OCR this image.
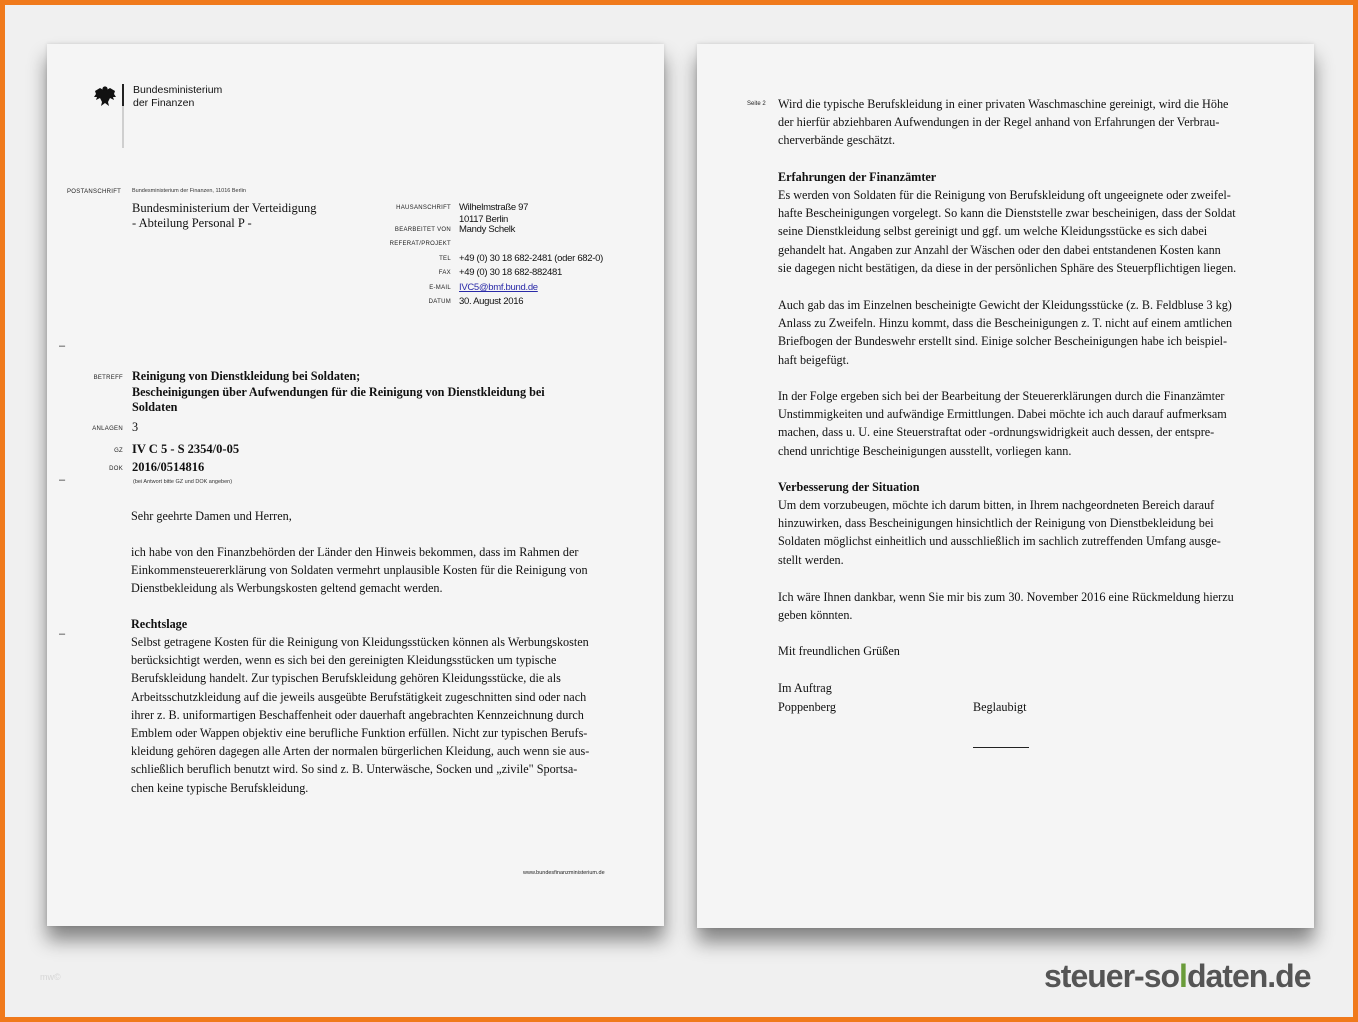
Bundesministerium
der Finanzen
POSTANSCHRIFT	Bundesministerium der Finanzen, 11016 Berlin
Bundesministerium der Verteidigung
- Abteilung Personal P -
HAUSANSCHRIFT Wilhelmstraße 97
10117 Berlin
BEARBEITET VON Mandy Schelk
REFERAT/PROJEKT
TEL +49 (0) 30 18 682-2481 (oder 682-0)
FAX +49 (0) 30 18 682-882481
E-MAIL IVC5@bmf.bund.de
DATUM 30. August 2016
–
–
–
BETREFF Reinigung von Dienstkleidung bei Soldaten;
Bescheinigungen über Aufwendungen für die Reinigung von Dienstkleidung bei
Soldaten
ANLAGEN 3
GZ IV C 5 - S 2354/0-05
DOK 2016/0514816
(bei Antwort bitte GZ und DOK angeben)
Sehr geehrte Damen und Herren,
ich habe von den Finanzbehörden der Länder den Hinweis bekommen, dass im Rahmen der
Einkommensteuererklärung von Soldaten vermehrt unplausible Kosten für die Reinigung von
Dienstbekleidung als Werbungskosten geltend gemacht werden.
Rechtslage
Selbst getragene Kosten für die Reinigung von Kleidungsstücken können als Werbungskosten
berücksichtigt werden, wenn es sich bei den gereinigten Kleidungsstücken um typische
Berufskleidung handelt. Zur typischen Berufskleidung gehören Kleidungsstücke, die als
Arbeitsschutzkleidung auf die jeweils ausgeübte Berufstätigkeit zugeschnitten sind oder nach
ihrer z. B. uniformartigen Beschaffenheit oder dauerhaft angebrachten Kennzeichnung durch
Emblem oder Wappen objektiv eine berufliche Funktion erfüllen. Nicht zur typischen Berufs-
kleidung gehören dagegen alle Arten der normalen bürgerlichen Kleidung, auch wenn sie aus-
schließlich beruflich benutzt wird. So sind z. B. Unterwäsche, Socken und „zivile" Sportsa-
chen keine typische Berufskleidung.
www.bundesfinanzministerium.de
Seite 2 Wird die typische Berufskleidung in einer privaten Waschmaschine gereinigt, wird die Höhe
der hierfür abziehbaren Aufwendungen in der Regel anhand von Erfahrungen der Verbrau-
cherverbände geschätzt.
Erfahrungen der Finanzämter
Es werden von Soldaten für die Reinigung von Berufskleidung oft ungeeignete oder zweifel-
hafte Bescheinigungen vorgelegt. So kann die Dienststelle zwar bescheinigen, dass der Soldat
seine Dienstkleidung selbst gereinigt und ggf. um welche Kleidungsstücke es sich dabei
gehandelt hat. Angaben zur Anzahl der Wäschen oder den dabei entstandenen Kosten kann
sie dagegen nicht bestätigen, da diese in der persönlichen Sphäre des Steuerpflichtigen liegen.
Auch gab das im Einzelnen bescheinigte Gewicht der Kleidungsstücke (z. B. Feldbluse 3 kg)
Anlass zu Zweifeln. Hinzu kommt, dass die Bescheinigungen z. T. nicht auf einem amtlichen
Briefbogen der Bundeswehr erstellt sind. Einige solcher Bescheinigungen habe ich beispiel-
haft beigefügt.
In der Folge ergeben sich bei der Bearbeitung der Steuererklärungen durch die Finanzämter
Unstimmigkeiten und aufwändige Ermittlungen. Dabei möchte ich auch darauf aufmerksam
machen, dass u. U. eine Steuerstraftat oder -ordnungswidrigkeit auch dessen, der entspre-
chend unrichtige Bescheinigungen ausstellt, vorliegen kann.
Verbesserung der Situation
Um dem vorzubeugen, möchte ich darum bitten, in Ihrem nachgeordneten Bereich darauf
hinzuwirken, dass Bescheinigungen hinsichtlich der Reinigung von Dienstbekleidung bei
Soldaten möglichst einheitlich und ausschließlich im sachlich zutreffenden Umfang ausge-
stellt werden.
Ich wäre Ihnen dankbar, wenn Sie mir bis zum 30. November 2016 eine Rückmeldung hierzu
geben könnten.
Mit freundlichen Grüßen
Im Auftrag
Poppenberg	Beglaubigt
mw©	steuer-soldaten.de
